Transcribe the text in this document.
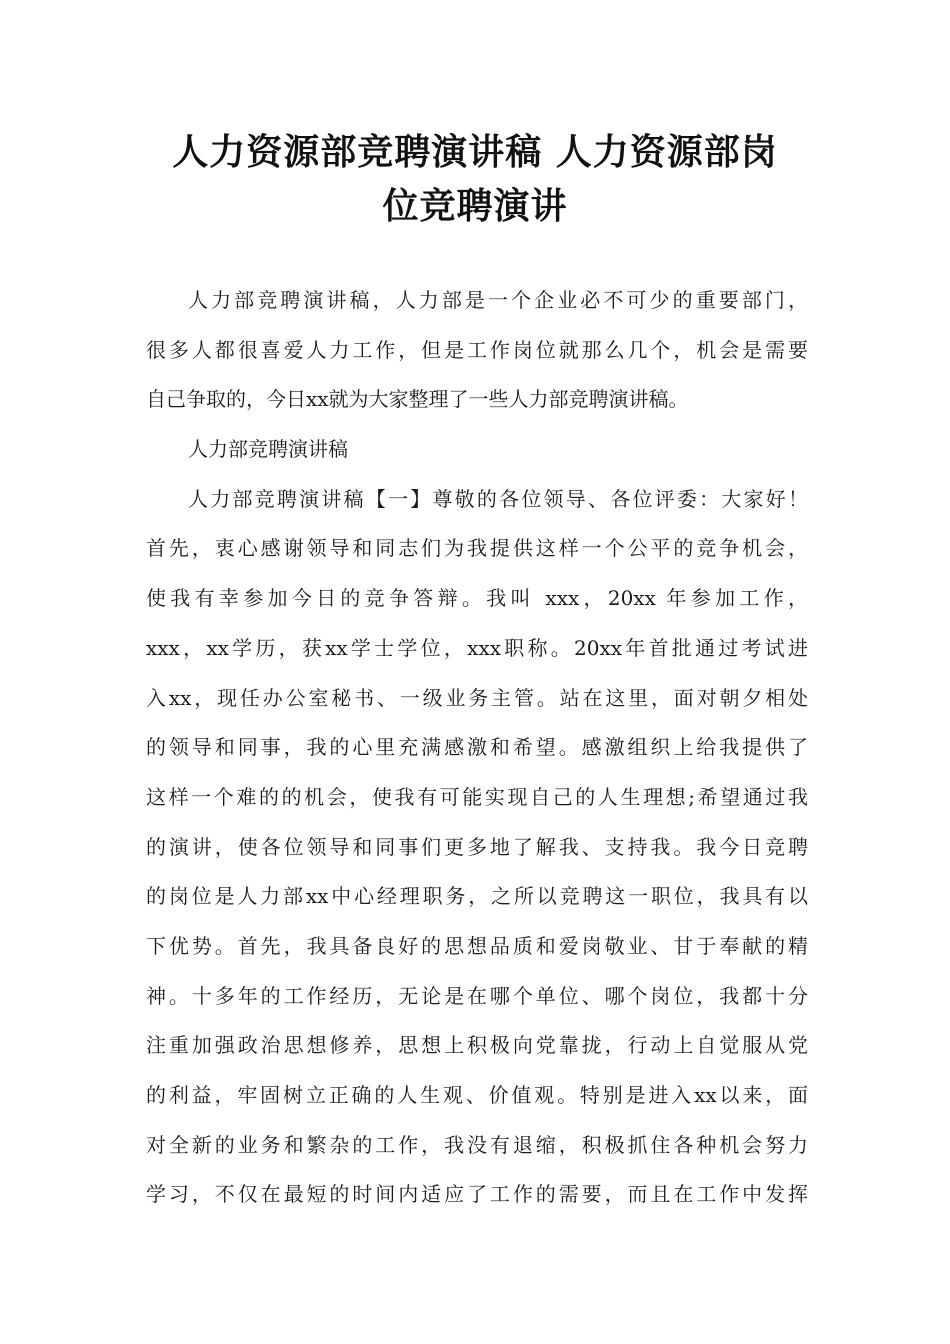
人力资源部竞聘演讲稿 人力资源部岗
位竞聘演讲
人力部竞聘演讲稿，人力部是一个企业必不可少的重要部门，
很多人都很喜爱人力工作，但是工作岗位就那么几个，机会是需要
自己争取的，今日xx就为大家整理了一些人力部竞聘演讲稿。
人力部竞聘演讲稿
人力部竞聘演讲稿【一】尊敬的各位领导、各位评委：大家好！
首先，衷心感谢领导和同志们为我提供这样一个公平的竞争机会，
使我有幸参加今日的竞争答辩。我叫 xxx，20xx 年参加工作，
xxx，xx学历，获xx学士学位，xxx职称。20xx年首批通过考试进
入xx，现任办公室秘书、一级业务主管。站在这里，面对朝夕相处
的领导和同事，我的心里充满感激和希望。感激组织上给我提供了
这样一个难的的机会，使我有可能实现自己的人生理想;希望通过我
的演讲，使各位领导和同事们更多地了解我、支持我。我今日竞聘
的岗位是人力部xx中心经理职务，之所以竞聘这一职位，我具有以
下优势。首先，我具备良好的思想品质和爱岗敬业、甘于奉献的精
神。十多年的工作经历，无论是在哪个单位、哪个岗位，我都十分
注重加强政治思想修养，思想上积极向党靠拢，行动上自觉服从党
的利益，牢固树立正确的人生观、价值观。特别是进入xx以来，面
对全新的业务和繁杂的工作，我没有退缩，积极抓住各种机会努力
学习，不仅在最短的时间内适应了工作的需要，而且在工作中发挥
